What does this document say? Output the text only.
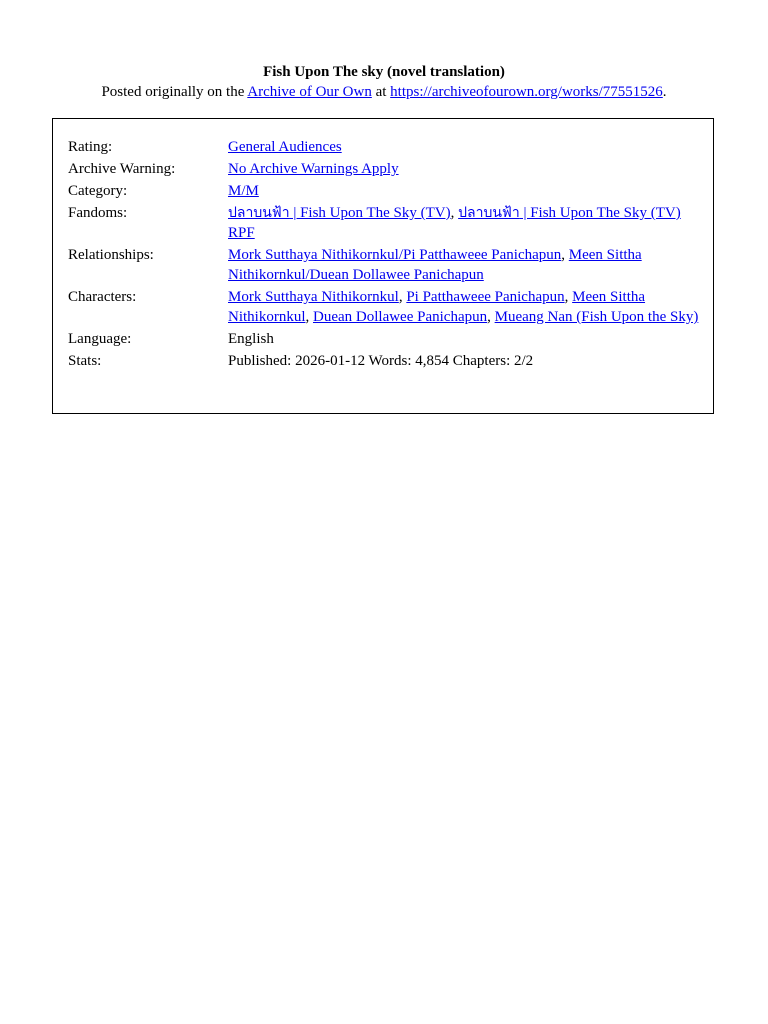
Fish Upon The sky (novel translation)
Posted originally on the Archive of Our Own at https://archiveofourown.org/works/77551526.
Rating:	General Audiences
Archive Warning:	No Archive Warnings Apply
Category:	M/M
Fandoms:	ปลาบนฟ้า | Fish Upon The Sky (TV), ปลาบนฟ้า | Fish Upon The Sky (TV) RPF
Relationships:	Mork Sutthaya Nithikornkul/Pi Patthaweee Panichapun, Meen Sittha Nithikornkul/Duean Dollawee Panichapun
Characters:	Mork Sutthaya Nithikornkul, Pi Patthaweee Panichapun, Meen Sittha Nithikornkul, Duean Dollawee Panichapun, Mueang Nan (Fish Upon the Sky)
Language:	English
Stats:	Published: 2026-01-12 Words: 4,854 Chapters: 2/2
